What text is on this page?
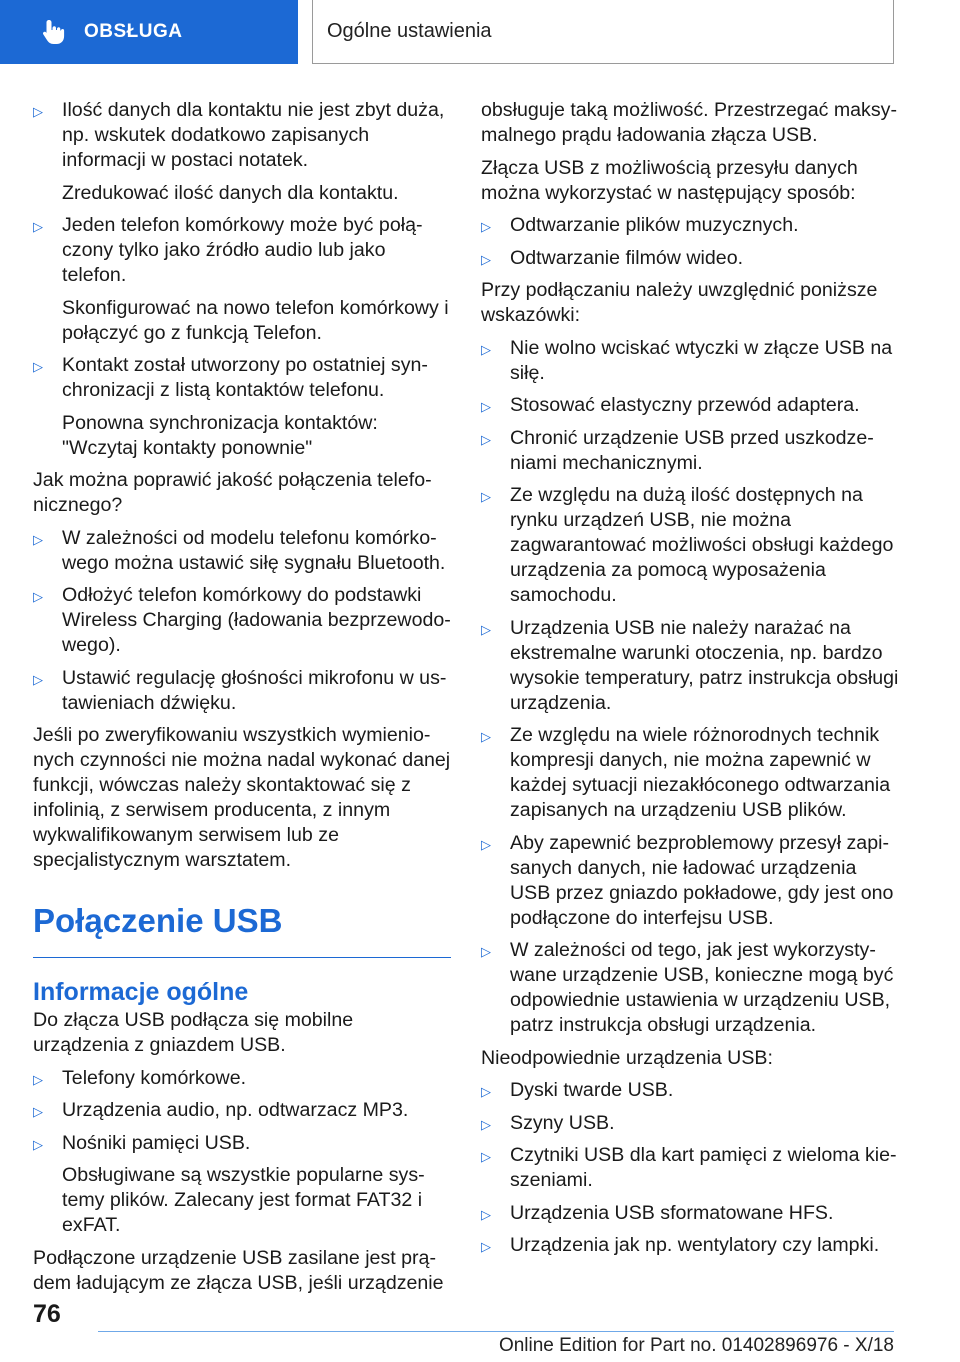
OBSŁUGA	Ogólne ustawienia
▷ Ilość danych dla kontaktu nie jest zbyt duża, np. wskutek dodatkowo zapisanych informacji w postaci notatek.
Zredukować ilość danych dla kontaktu.
▷ Jeden telefon komórkowy może być połączony tylko jako źródło audio lub jako telefon.
Skonfigurować na nowo telefon komórkowy i połączyć go z funkcją Telefon.
▷ Kontakt został utworzony po ostatniej synchronizacji z listą kontaktów telefonu.
Ponowna synchronizacja kontaktów: "Wczytaj kontakty ponownie"
Jak można poprawić jakość połączenia telefonicznego?
▷ W zależności od modelu telefonu komórkowego można ustawić siłę sygnału Bluetooth.
▷ Odłożyć telefon komórkowy do podstawki Wireless Charging (ładowania bezprzewodowego).
▷ Ustawić regulację głośności mikrofonu w ustawieniach dźwięku.
Jeśli po zweryfikowaniu wszystkich wymienionych czynności nie można nadal wykonać danej funkcji, wówczas należy skontaktować się z infolinią, z serwisem producenta, z innym wykwalifikowanym serwisem lub ze specjalistycznym warsztatem.
Połączenie USB
Informacje ogólne
Do złącza USB podłącza się mobilne urządzenia z gniazdem USB.
▷ Telefony komórkowe.
▷ Urządzenia audio, np. odtwarzacz MP3.
▷ Nośniki pamięci USB.
Obsługiwane są wszystkie popularne systemy plików. Zalecany jest format FAT32 i exFAT.
Podłączone urządzenie USB zasilane jest prądem ładującym ze złącza USB, jeśli urządzenie
obsługuje taką możliwość. Przestrzegać maksymalnego prądu ładowania złącza USB.
Złącza USB z możliwością przesyłu danych można wykorzystać w następujący sposób:
▷ Odtwarzanie plików muzycznych.
▷ Odtwarzanie filmów wideo.
Przy podłączaniu należy uwzględnić poniższe wskazówki:
▷ Nie wolno wciskać wtyczki w złącze USB na siłę.
▷ Stosować elastyczny przewód adaptera.
▷ Chronić urządzenie USB przed uszkodzeniami mechanicznymi.
▷ Ze względu na dużą ilość dostępnych na rynku urządzeń USB, nie można zagwarantować możliwości obsługi każdego urządzenia za pomocą wyposażenia samochodu.
▷ Urządzenia USB nie należy narażać na ekstremalne warunki otoczenia, np. bardzo wysokie temperatury, patrz instrukcja obsługi urządzenia.
▷ Ze względu na wiele różnorodnych technik kompresji danych, nie można zapewnić w każdej sytuacji niezakłóconego odtwarzania zapisanych na urządzeniu USB plików.
▷ Aby zapewnić bezproblemowy przesył zapisanych danych, nie ładować urządzenia USB przez gniazdo pokładowe, gdy jest ono podłączone do interfejsu USB.
▷ W zależności od tego, jak jest wykorzystywane urządzenie USB, konieczne mogą być odpowiednie ustawienia w urządzeniu USB, patrz instrukcja obsługi urządzenia.
Nieodpowiednie urządzenia USB:
▷ Dyski twarde USB.
▷ Szyny USB.
▷ Czytniki USB dla kart pamięci z wieloma kieszeniami.
▷ Urządzenia USB sformatowane HFS.
▷ Urządzenia jak np. wentylatory czy lampki.
76
Online Edition for Part no. 01402896976 - X/18
